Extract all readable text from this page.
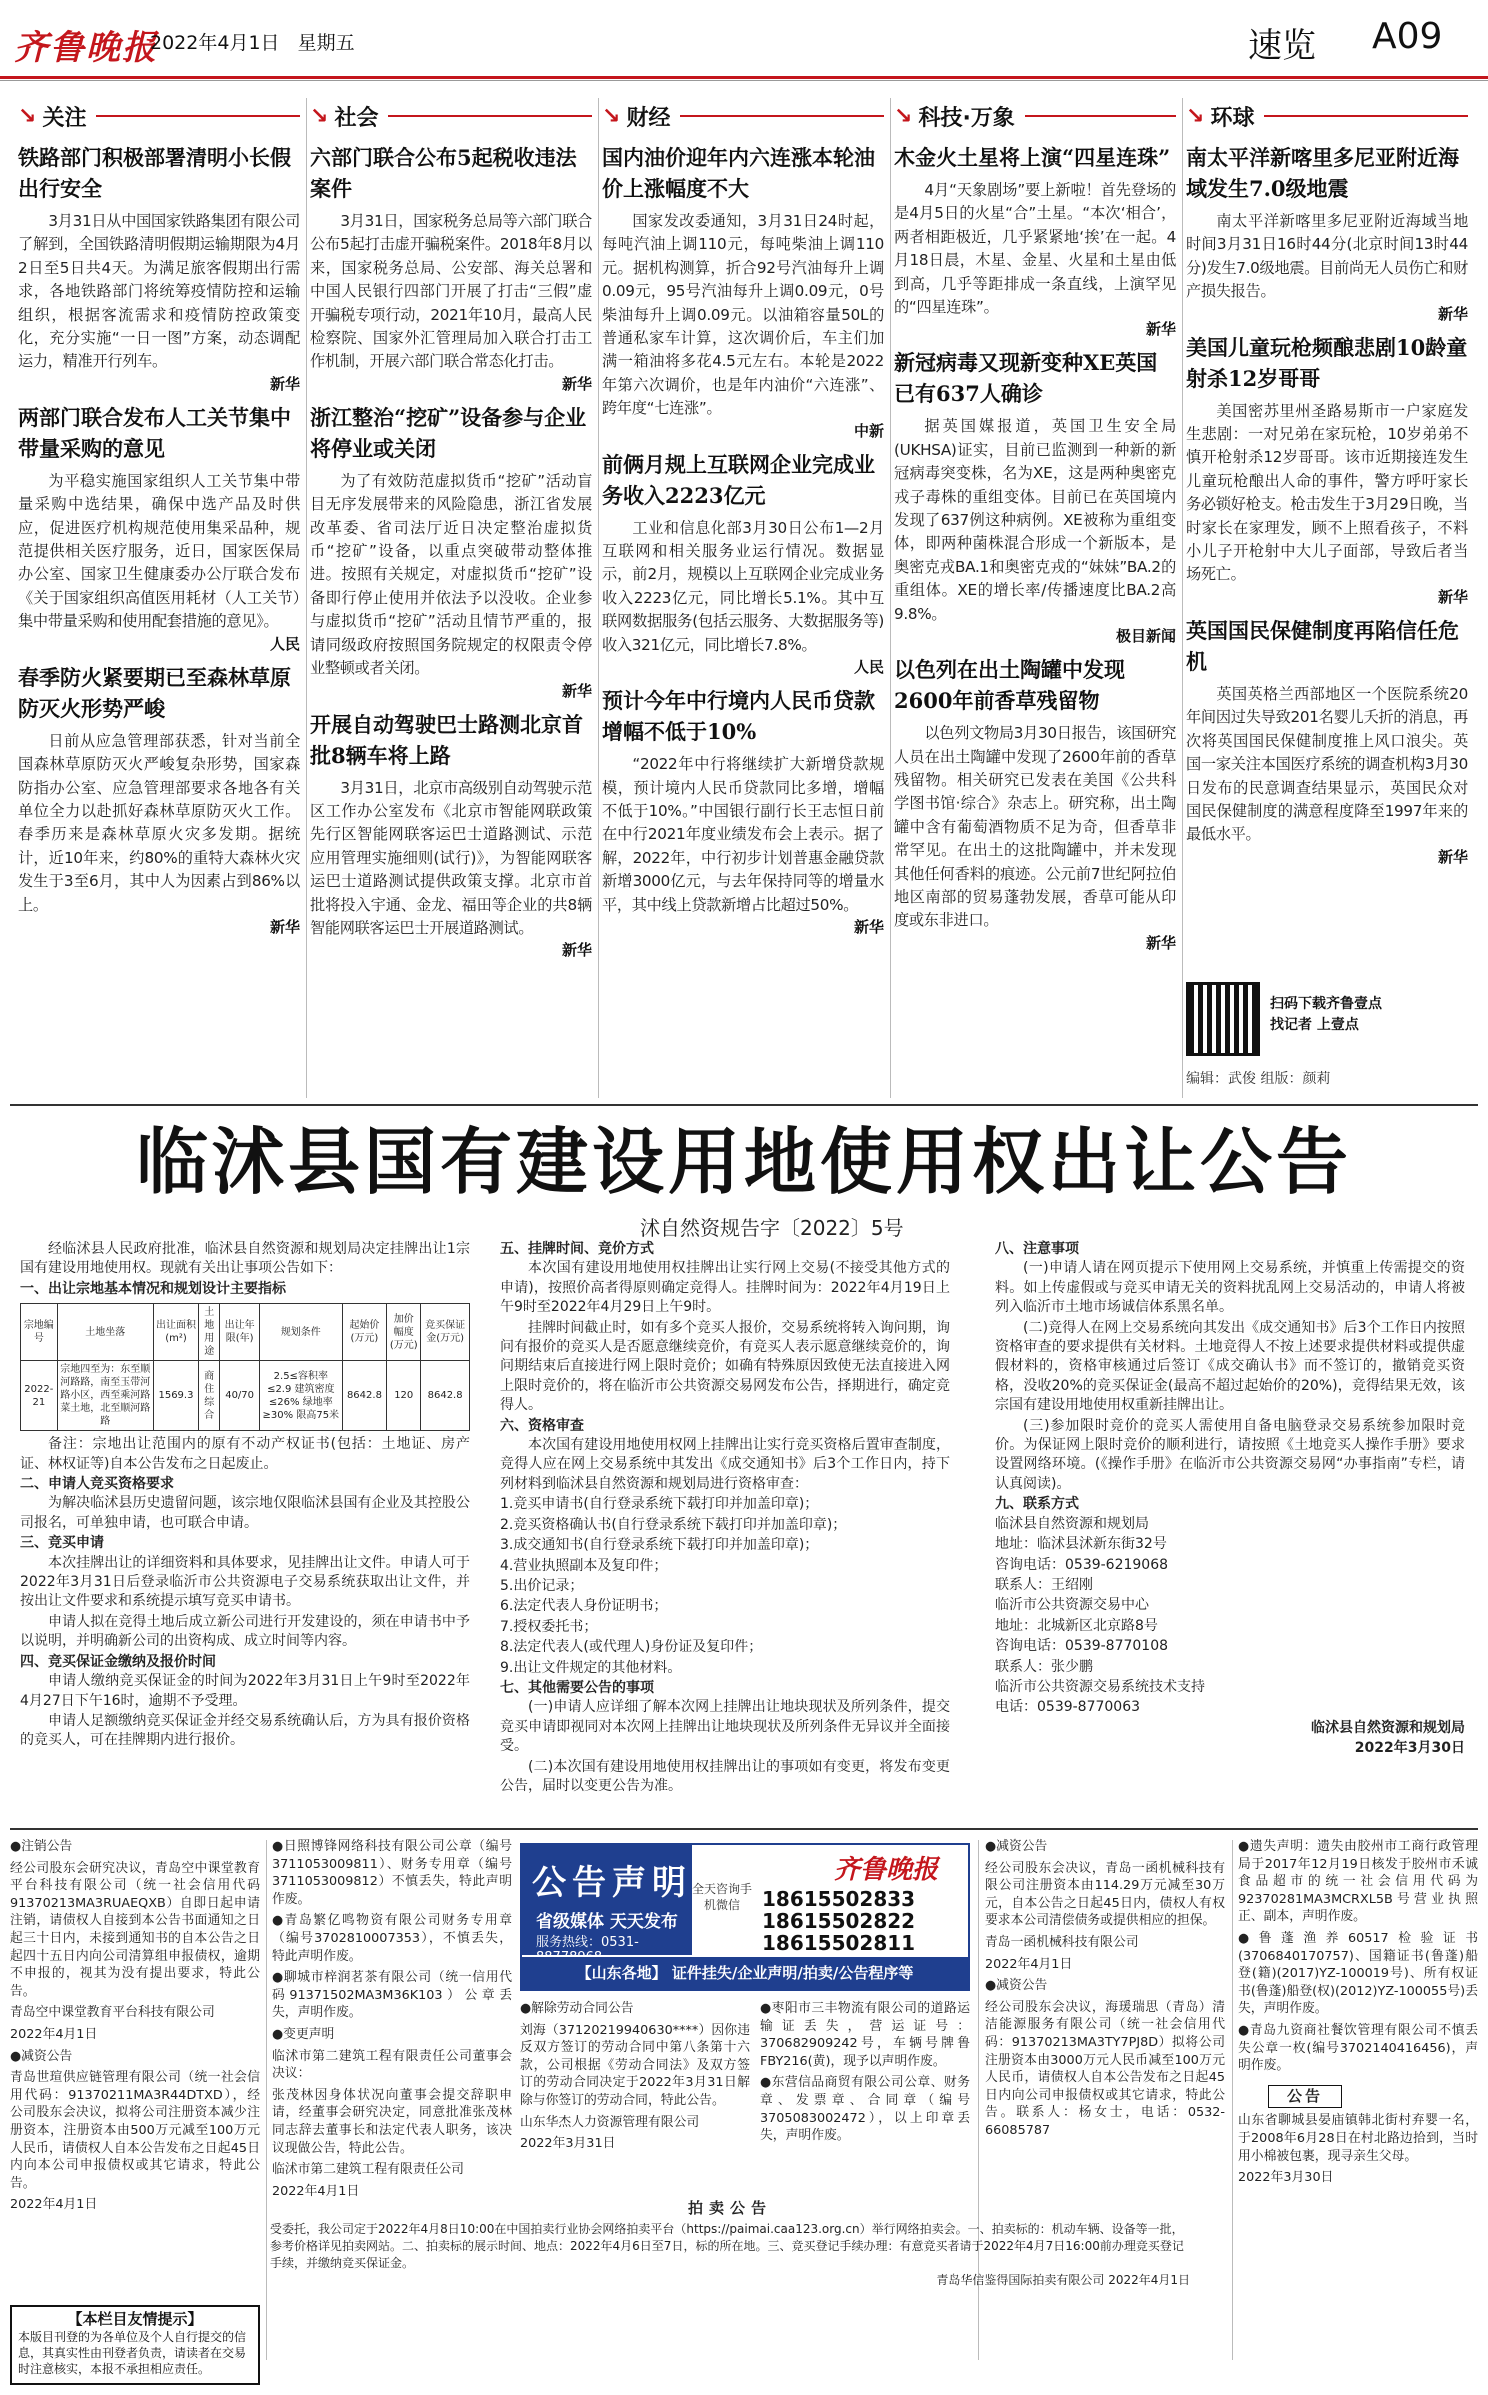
齐鲁晚报
2022年4月1日 星期五	速览 A09
↘ 关注
铁路部门积极部署清明小长假出行安全

3月31日从中国国家铁路集团有限公司了解到，全国铁路清明假期运输期限为4月2日至5日共4天。为满足旅客假期出行需求，各地铁路部门将统筹疫情防控和运输组织，根据客流需求和疫情防控政策变化，充分实施“一日一图”方案，动态调配运力，精准开行列车。

新华
两部门联合发布人工关节集中带量采购的意见

为平稳实施国家组织人工关节集中带量采购中选结果，确保中选产品及时供应，促进医疗机构规范使用集采品种，规范提供相关医疗服务，近日，国家医保局办公室、国家卫生健康委办公厅联合发布《关于国家组织高值医用耗材（人工关节）集中带量采购和使用配套措施的意见》。

人民
春季防火紧要期已至森林草原防灭火形势严峻

日前从应急管理部获悉，针对当前全国森林草原防灭火严峻复杂形势，国家森防指办公室、应急管理部要求各地各有关单位全力以赴抓好森林草原防灭火工作。春季历来是森林草原火灾多发期。据统计，近10年来，约80%的重特大森林火灾发生于3至6月，其中人为因素占到86%以上。

新华
↘ 社会
六部门联合公布5起税收违法案件

3月31日，国家税务总局等六部门联合公布5起打击虚开骗税案件。2018年8月以来，国家税务总局、公安部、海关总署和中国人民银行四部门开展了打击“三假”虚开骗税专项行动，2021年10月，最高人民检察院、国家外汇管理局加入联合打击工作机制，开展六部门联合常态化打击。

新华
浙江整治“挖矿”设备参与企业将停业或关闭

为了有效防范虚拟货币“挖矿”活动盲目无序发展带来的风险隐患，浙江省发展改革委、省司法厅近日决定整治虚拟货币“挖矿”设备，以重点突破带动整体推进。按照有关规定，对虚拟货币“挖矿”设备即行停止使用并依法予以没收。企业参与虚拟货币“挖矿”活动且情节严重的，报请同级政府按照国务院规定的权限责令停业整顿或者关闭。

新华
开展自动驾驶巴士路测北京首批8辆车将上路

3月31日，北京市高级别自动驾驶示范区工作办公室发布《北京市智能网联政策先行区智能网联客运巴士道路测试、示范应用管理实施细则(试行)》，为智能网联客运巴士道路测试提供政策支撑。北京市首批将投入宇通、金龙、福田等企业的共8辆智能网联客运巴士开展道路测试。

新华
↘ 财经
国内油价迎年内六连涨本轮油价上涨幅度不大

国家发改委通知，3月31日24时起，每吨汽油上调110元，每吨柴油上调110元。据机构测算，折合92号汽油每升上调0.09元，95号汽油每升上调0.09元，0号柴油每升上调0.09元。以油箱容量50L的普通私家车计算，这次调价后，车主们加满一箱油将多花4.5元左右。本轮是2022年第六次调价，也是年内油价“六连涨”、跨年度“七连涨”。

中新
前俩月规上互联网企业完成业务收入2223亿元

工业和信息化部3月30日公布1—2月互联网和相关服务业运行情况。数据显示，前2月，规模以上互联网企业完成业务收入2223亿元，同比增长5.1%。其中互联网数据服务(包括云服务、大数据服务等)收入321亿元，同比增长7.8%。

人民
预计今年中行境内人民币贷款增幅不低于10%

“2022年中行将继续扩大新增贷款规模，预计境内人民币贷款同比多增，增幅不低于10%。”中国银行副行长王志恒日前在中行2021年度业绩发布会上表示。据了解，2022年，中行初步计划普惠金融贷款新增3000亿元，与去年保持同等的增量水平，其中线上贷款新增占比超过50%。

新华
↘ 科技·万象
木金火土星将上演“四星连珠”

4月“天象剧场”要上新啦！首先登场的是4月5日的火星“合”土星。“本次‘相合’，两者相距极近，几乎紧紧地‘挨’在一起。4月18日晨，木星、金星、火星和土星由低到高，几乎等距排成一条直线，上演罕见的“四星连珠”。

新华
新冠病毒又现新变种XE英国已有637人确诊

据英国媒报道，英国卫生安全局(UKHSA)证实，目前已监测到一种新的新冠病毒突变株，名为XE，这是两种奥密克戎子毒株的重组变体。目前已在英国境内发现了637例这种病例。XE被称为重组变体，即两种菌株混合形成一个新版本，是奥密克戎BA.1和奥密克戎的“妹妹”BA.2的重组体。XE的增长率/传播速度比BA.2高9.8%。

极目新闻
以色列在出土陶罐中发现2600年前香草残留物

以色列文物局3月30日报告，该国研究人员在出土陶罐中发现了2600年前的香草残留物。相关研究已发表在美国《公共科学图书馆·综合》杂志上。研究称，出土陶罐中含有葡萄酒物质不足为奇，但香草非常罕见。在出土的这批陶罐中，并未发现其他任何香料的痕迹。公元前7世纪阿拉伯地区南部的贸易蓬勃发展，香草可能从印度或东非进口。

新华
↘ 环球
南太平洋新喀里多尼亚附近海域发生7.0级地震

南太平洋新喀里多尼亚附近海域当地时间3月31日16时44分(北京时间13时44分)发生7.0级地震。目前尚无人员伤亡和财产损失报告。

新华
美国儿童玩枪频酿悲剧10龄童射杀12岁哥哥

美国密苏里州圣路易斯市一户家庭发生悲剧：一对兄弟在家玩枪，10岁弟弟不慎开枪射杀12岁哥哥。该市近期接连发生儿童玩枪酿出人命的事件，警方呼吁家长务必锁好枪支。枪击发生于3月29日晚，当时家长在家理发，顾不上照看孩子，不料小儿子开枪射中大儿子面部，导致后者当场死亡。

新华
英国国民保健制度再陷信任危机

英国英格兰西部地区一个医院系统20年间因过失导致201名婴儿夭折的消息，再次将英国国民保健制度推上风口浪尖。英国一家关注本国医疗系统的调查机构3月30日发布的民意调查结果显示，英国民众对国民保健制度的满意程度降至1997年来的最低水平。

新华
扫码下载齐鲁壹点
找记者 上壹点
编辑：武俊 组版：颜莉
临沭县国有建设用地使用权出让公告
沭自然资规告字〔2022〕5号

经临沭县人民政府批准，临沭县自然资源和规划局决定挂牌出让1宗国有建设用地使用权。现就有关出让事项公告如下：

一、出让宗地基本情况和规划设计主要指标
宗地编号	土地坐落	出让面积(m²)	土地用途	出让年限(年)	规划条件	起始价(万元)	加价幅度(万元)	竞买保证金(万元)
2022-21	宗地四至为：东至顺河路路，南至玉带河路小区，西至乘河路菜土地，北至顺河路路	1569.3	商住综合	40/70	2.5≤容积率≤2.9 建筑密度≤26% 绿地率≥30% 限高75米	8642.8	120	8642.8

备注：宗地出让范围内的原有不动产权证书(包括：土地证、房产证、林权证等)自本公告发布之日起废止。

二、申请人竞买资格要求

为解决临沭县历史遗留问题，该宗地仅限临沭县国有企业及其控股公司报名，可单独申请，也可联合申请。

三、竞买申请

本次挂牌出让的详细资料和具体要求，见挂牌出让文件。申请人可于2022年3月31日后登录临沂市公共资源电子交易系统获取出让文件，并按出让文件要求和系统提示填写竞买申请书。

申请人拟在竞得土地后成立新公司进行开发建设的，须在申请书中予以说明，并明确新公司的出资构成、成立时间等内容。

四、竞买保证金缴纳及报价时间

申请人缴纳竞买保证金的时间为2022年3月31日上午9时至2022年4月27日下午16时，逾期不予受理。

申请人足额缴纳竞买保证金并经交易系统确认后，方为具有报价资格的竞买人，可在挂牌期内进行报价。

五、挂牌时间、竞价方式

本次国有建设用地使用权挂牌出让实行网上交易(不接受其他方式的申请)，按照价高者得原则确定竞得人。挂牌时间为：2022年4月19日上午9时至2022年4月29日上午9时。

挂牌时间截止时，如有多个竞买人报价，交易系统将转入询问期，询问有报价的竞买人是否愿意继续竞价，有竞买人表示愿意继续竞价的，询问期结束后直接进行网上限时竞价；如确有特殊原因致使无法直接进入网上限时竞价的，将在临沂市公共资源交易网发布公告，择期进行，确定竞得人。

六、资格审查

本次国有建设用地使用权网上挂牌出让实行竞买资格后置审查制度，竞得人应在网上交易系统中其发出《成交通知书》后3个工作日内，持下列材料到临沭县自然资源和规划局进行资格审查：

1.竞买申请书(自行登录系统下载打印并加盖印章)；

2.竞买资格确认书(自行登录系统下载打印并加盖印章)；

3.成交通知书(自行登录系统下载打印并加盖印章)；

4.营业执照副本及复印件；

5.出价记录；

6.法定代表人身份证明书；

7.授权委托书；

8.法定代表人(或代理人)身份证及复印件；

9.出让文件规定的其他材料。

七、其他需要公告的事项

(一)申请人应详细了解本次网上挂牌出让地块现状及所列条件，提交竞买申请即视同对本次网上挂牌出让地块现状及所列条件无异议并全面接受。

(二)本次国有建设用地使用权挂牌出让的事项如有变更，将发布变更公告，届时以变更公告为准。

八、注意事项

(一)申请人请在网页提示下使用网上交易系统，并慎重上传需提交的资料。如上传虚假或与竞买申请无关的资料扰乱网上交易活动的，申请人将被列入临沂市土地市场诚信体系黑名单。

(二)竞得人在网上交易系统向其发出《成交通知书》后3个工作日内按照资格审查的要求提供有关材料。土地竞得人不按上述要求提供材料或提供虚假材料的，资格审核通过后签订《成交确认书》而不签订的，撤销竞买资格，没收20%的竞买保证金(最高不超过起始价的20%)，竞得结果无效，该宗国有建设用地使用权重新挂牌出让。

(三)参加限时竞价的竞买人需使用自备电脑登录交易系统参加限时竞价。为保证网上限时竞价的顺利进行，请按照《土地竞买人操作手册》要求设置网络环境。(《操作手册》在临沂市公共资源交易网“办事指南”专栏，请认真阅读)。

九、联系方式

临沭县自然资源和规划局

地址：临沭县沭新东街32号

咨询电话：0539-6219068

联系人：王绍刚

临沂市公共资源交易中心

地址：北城新区北京路8号

咨询电话：0539-8770108

联系人：张少鹏

临沂市公共资源交易系统技术支持

电话：0539-8770063

临沭县自然资源和规划局

2022年3月30日

●注销公告

经公司股东会研究决议，青岛空中课堂教育平台科技有限公司（统一社会信用代码91370213MA3RUAEQXB）自即日起申请注销，请债权人自接到本公告书面通知之日起三十日内，未接到通知书的自本公告之日起四十五日内向公司清算组申报债权，逾期不申报的，视其为没有提出要求，特此公告。

青岛空中课堂教育平台科技有限公司

2022年4月1日

●减资公告

青岛世瑄供应链管理有限公司（统一社会信用代码：91370211MA3R44DTXD），经公司股东会决议，拟将公司注册资本减少注册资本，注册资本由500万元减至100万元人民币，请债权人自本公告发布之日起45日内向本公司申报债权或其它请求，特此公告。

2022年4月1日

●日照博锋网络科技有限公司公章（编号3711053009811）、财务专用章（编号3711053009812）不慎丢失，特此声明作废。

●青岛繁亿鸣物资有限公司财务专用章（编号3702810007353），不慎丢失，特此声明作废。

●聊城市梓润茗茶有限公司（统一信用代码91371502MA3M36K103）公章丢失，声明作废。

●变更声明

临沭市第二建筑工程有限责任公司董事会决议：

张茂林因身体状况向董事会提交辞职申请，经董事会研究决定，同意批准张茂林同志辞去董事长和法定代表人职务，该决议现做公告，特此公告。

临沭市第二建筑工程有限责任公司

2022年4月1日

公告声明
省级媒体 天天发布
服务热线：0531-
齐鲁晚报
全天咨询手机微信	18615502833
18615502822
18615502811
【山东各地】 证件挂失/企业声明/拍卖/公告程序等

●解除劳动合同公告

刘海（37120219940630****）因你违反双方签订的劳动合同中第八条第十六款，公司根据《劳动合同法》及双方签订的劳动合同决定于2022年3月31日解除与你签订的劳动合同，特此公告。

山东华杰人力资源管理有限公司

2022年3月31日

●枣阳市三丰物流有限公司的道路运输证丢失，营运证号：370682909242号，车辆号牌鲁FBY216(黄)，现予以声明作废。

●东营信品商贸有限公司公章、财务章、发票章、合同章（编号3705083002472），以上印章丢失，声明作废。

●减资公告

经公司股东会决议，青岛一函机械科技有限公司注册资本由114.29万元减至30万元，自本公告之日起45日内，债权人有权要求本公司清偿债务或提供相应的担保。

青岛一函机械科技有限公司

2022年4月1日

●减资公告

经公司股东会决议，海瑗瑞思（青岛）清洁能源服务有限公司（统一社会信用代码：91370213MA3TY7PJ8D）拟将公司注册资本由3000万元人民币减至100万元人民币，请债权人自本公告发布之日起45日内向公司申报债权或其它请求，特此公告。联系人：杨女士，电话：0532-66085787

●遗失声明：遗失由胶州市工商行政管理局于2017年12月19日核发于胶州市禾诚食品超市的统一社会信用代码为92370281MA3MCRXL5B号营业执照正、副本，声明作废。

●鲁蓬渔养60517检验证书(3706840170757)、国籍证书(鲁蓬)船登(籍)(2017)YZ-100019号)、所有权证书(鲁蓬)船登(权)(2012)YZ-100055号)丢失，声明作废。

●青岛九资商社餐饮管理有限公司不慎丢失公章一枚(编号3702140416456)，声明作废。

公告

山东省聊城县晏庙镇韩北街村弃婴一名，于2008年6月28日在村北路边拾到，当时用小棉被包裹，现寻亲生父母。

2022年3月30日

拍卖公告

受委托，我公司定于2022年4月8日10:00在中国拍卖行业协会网络拍卖平台（https://paimai.caa123.org.cn）举行网络拍卖会。一、拍卖标的：机动车辆、设备等一批，参考价格详见拍卖网站。二、拍卖标的展示时间、地点：2022年4月6日至7日，标的所在地。三、竞买登记手续办理：有意竞买者请于2022年4月7日16:00前办理竞买登记手续，并缴纳竞买保证金。

青岛华信鉴得国际拍卖有限公司 2022年4月1日

【本栏目友情提示】
本版目刊登的为各单位及个人自行提交的信息，其真实性由刊登者负责，请读者在交易时注意核实，本报不承担相应责任。
